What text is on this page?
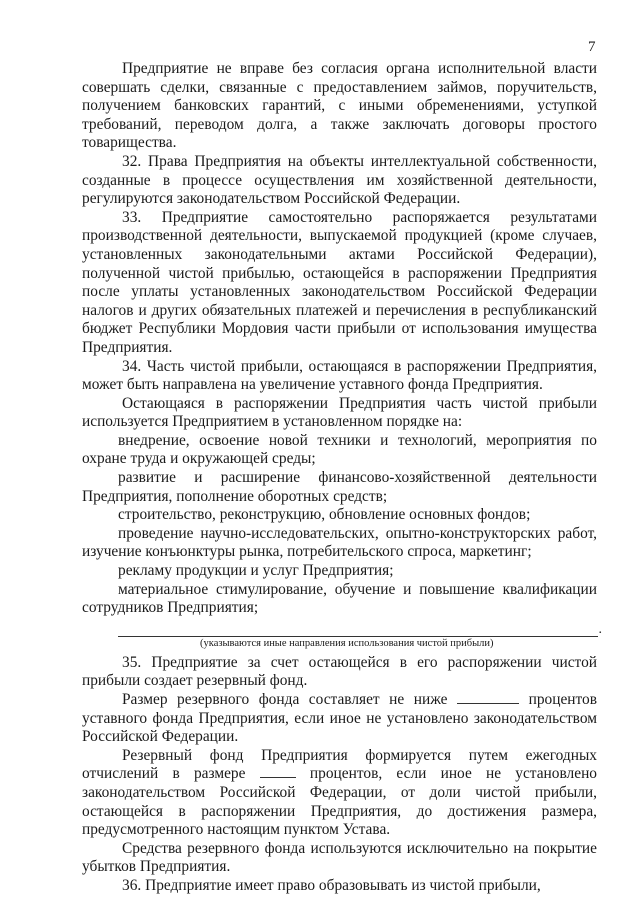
7

Предприятие не вправе без согласия органа исполнительной власти совершать сделки, связанные с предоставлением займов, поручительств, получением банковских гарантий, с иными обременениями, уступкой требований, переводом долга, а также заключать договоры простого товарищества.

32. Права Предприятия на объекты интеллектуальной собственности, созданные в процессе осуществления им хозяйственной деятельности, регулируются законодательством Российской Федерации.

33. Предприятие самостоятельно распоряжается результатами производственной деятельности, выпускаемой продукцией (кроме случаев, установленных законодательными актами Российской Федерации), полученной чистой прибылью, остающейся в распоряжении Предприятия после уплаты установленных законодательством Российской Федерации налогов и других обязательных платежей и перечисления в республиканский бюджет Республики Мордовия части прибыли от использования имущества Предприятия.

34. Часть чистой прибыли, остающаяся в распоряжении Предприятия, может быть направлена на увеличение уставного фонда Предприятия.

Остающаяся в распоряжении Предприятия часть чистой прибыли используется Предприятием в установленном порядке на:

внедрение, освоение новой техники и технологий, мероприятия по охране труда и окружающей среды;

развитие и расширение финансово-хозяйственной деятельности Предприятия, пополнение оборотных средств;

строительство, реконструкцию, обновление основных фондов;

проведение научно-исследовательских, опытно-конструкторских работ, изучение конъюнктуры рынка, потребительского спроса, маркетинг;

рекламу продукции и услуг Предприятия;

материальное стимулирование, обучение и повышение квалификации сотрудников Предприятия;

.
(указываются иные направления использования чистой прибыли)

35. Предприятие за счет остающейся в его распоряжении чистой прибыли создает резервный фонд.

Размер резервного фонда составляет не ниже	процентов уставного фонда Предприятия, если иное не установлено законодательством Российской Федерации.

Резервный фонд Предприятия формируется путем ежегодных отчислений в размере	процентов, если иное не установлено законодательством Российской Федерации, от доли чистой прибыли, остающейся в распоряжении Предприятия, до достижения размера, предусмотренного настоящим пунктом Устава.

Средства резервного фонда используются исключительно на покрытие убытков Предприятия.

36. Предприятие имеет право образовывать из чистой прибыли,
